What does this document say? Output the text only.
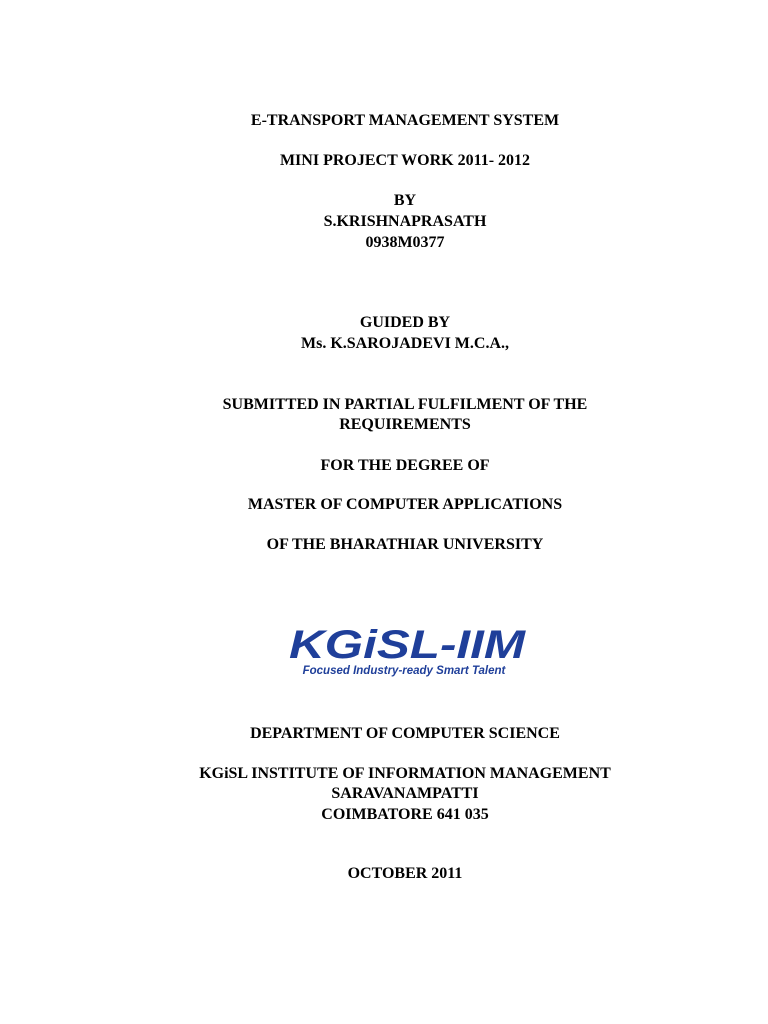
E-TRANSPORT MANAGEMENT SYSTEM
MINI PROJECT WORK 2011- 2012
BY
S.KRISHNAPRASATH
0938M0377
GUIDED BY
Ms. K.SAROJADEVI M.C.A.,
SUBMITTED IN PARTIAL FULFILMENT OF THE
REQUIREMENTS
FOR THE DEGREE OF
MASTER OF COMPUTER APPLICATIONS
OF THE BHARATHIAR UNIVERSITY
KGiSL-IIM
Focused Industry-ready Smart Talent
DEPARTMENT OF COMPUTER SCIENCE
KGiSL INSTITUTE OF INFORMATION MANAGEMENT
SARAVANAMPATTI
COIMBATORE 641 035
OCTOBER 2011
